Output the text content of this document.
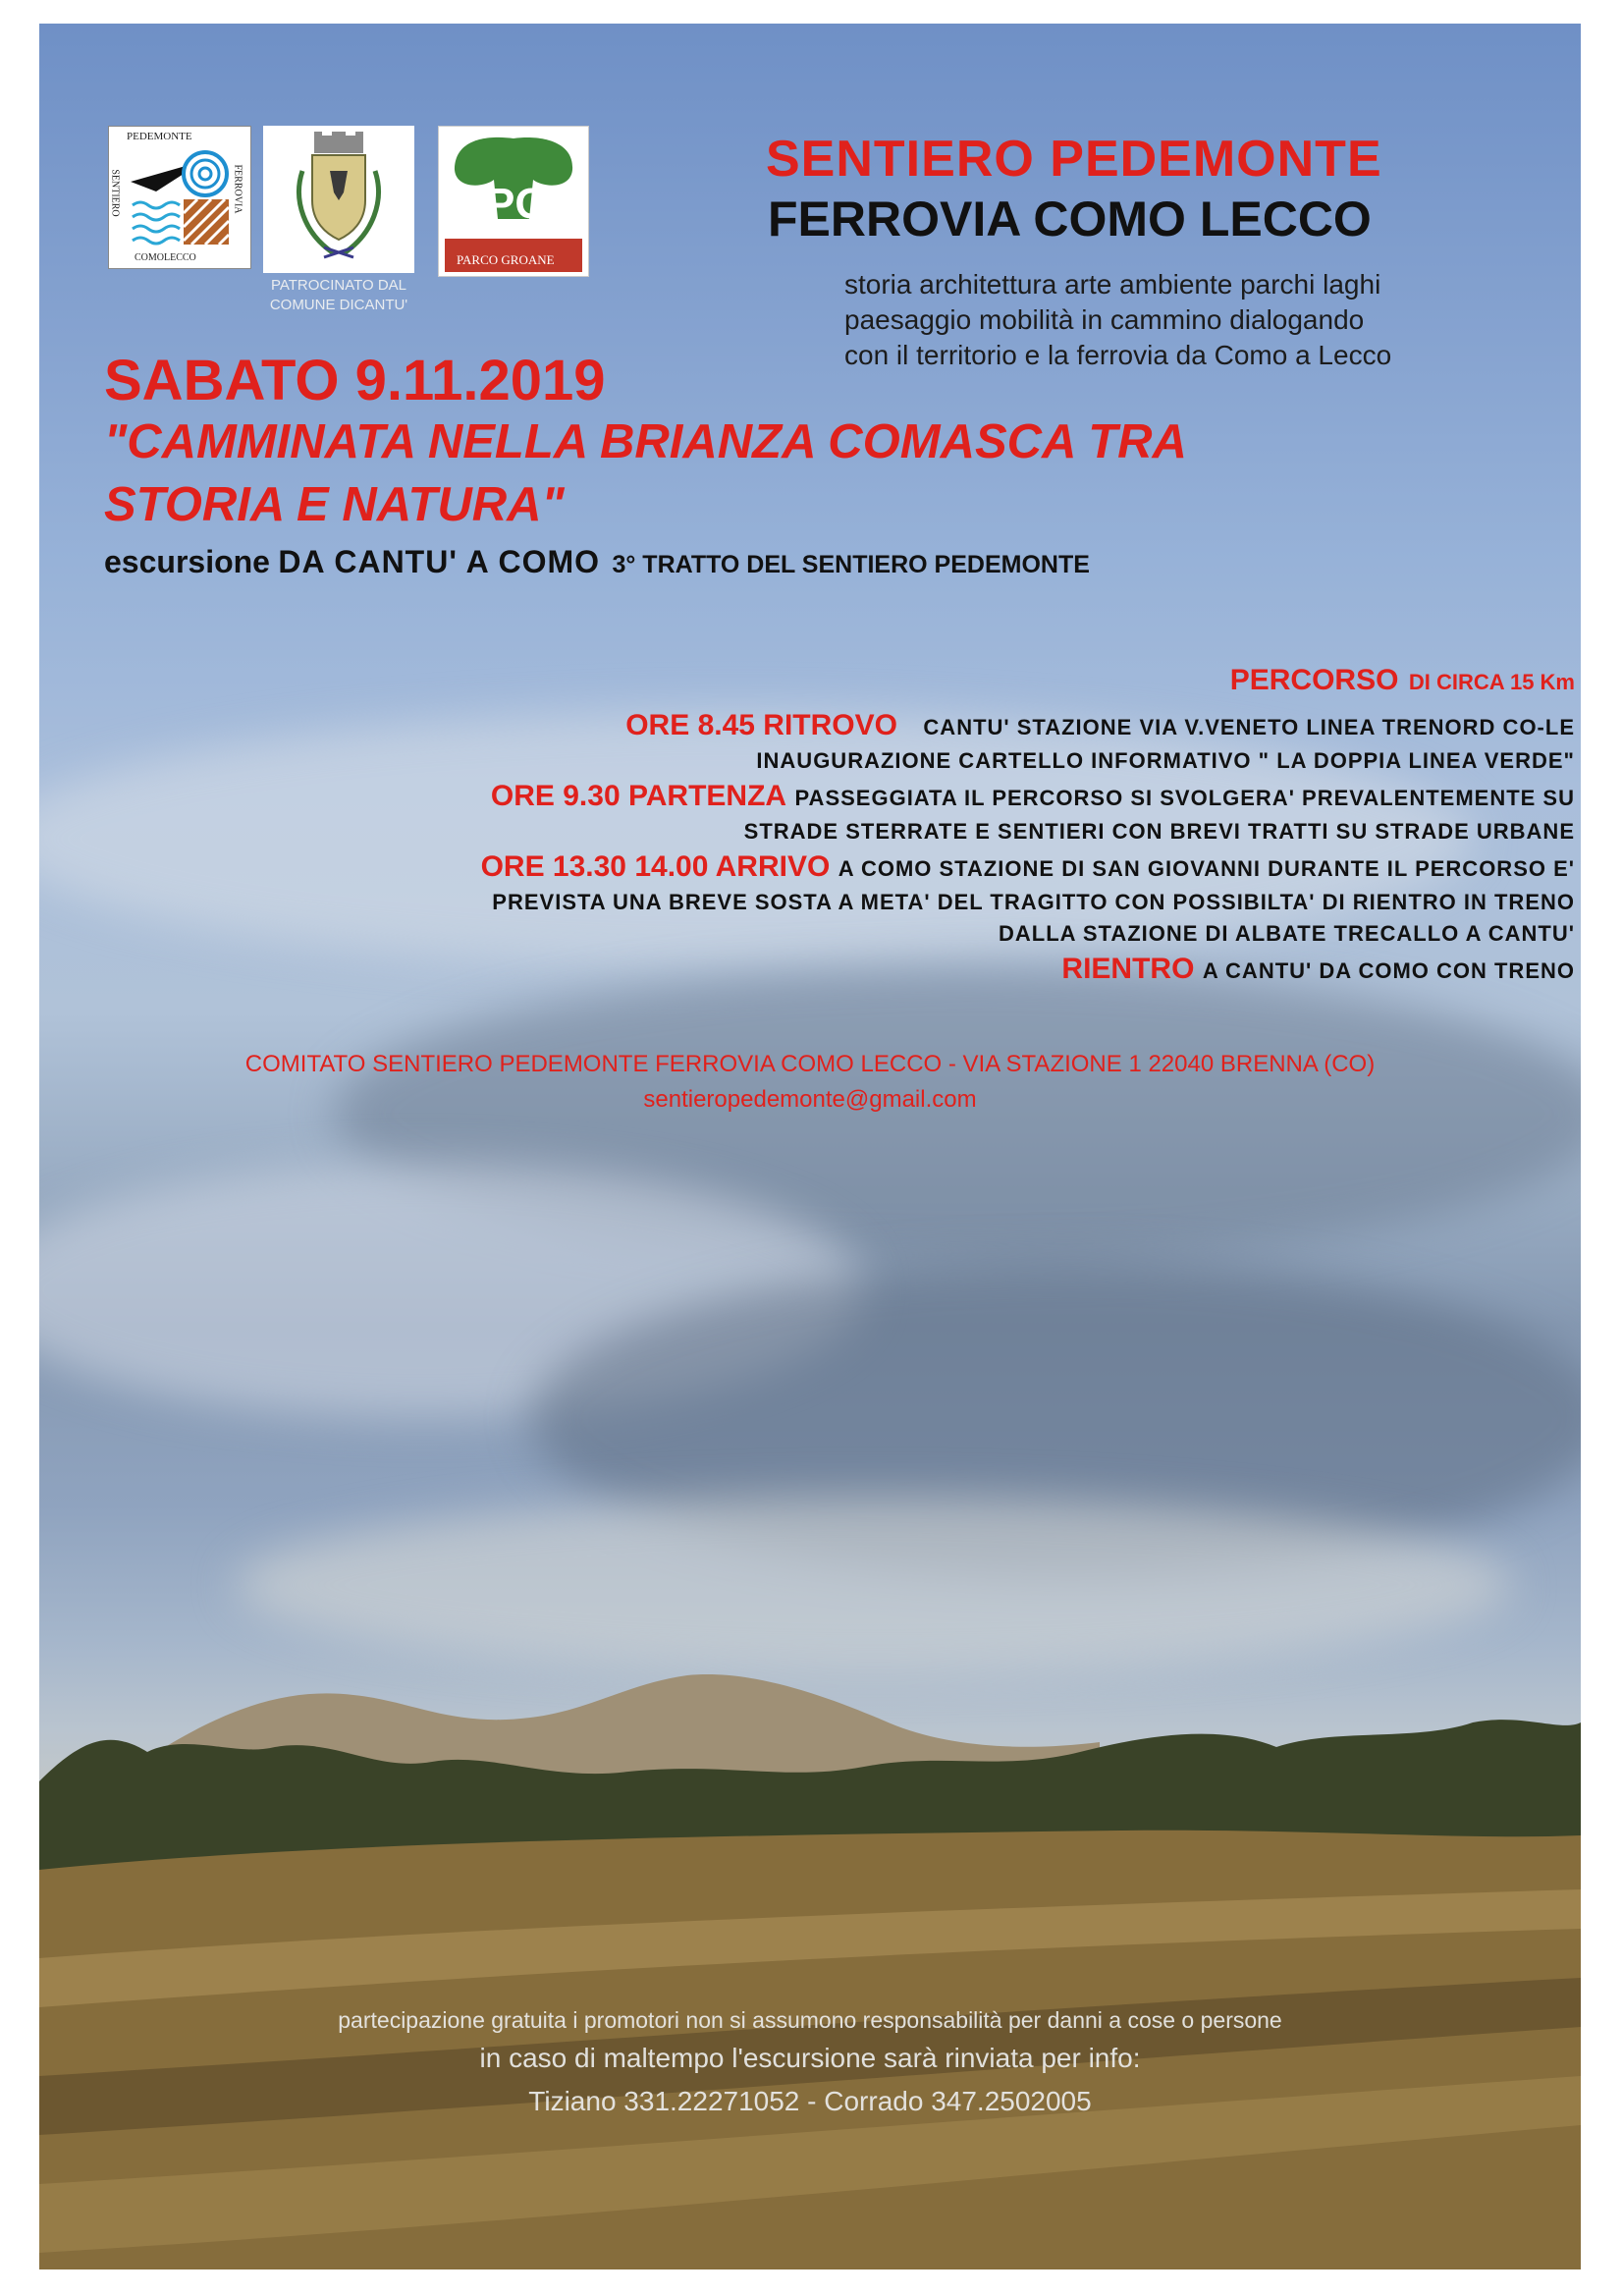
PEDEMONTE
SENTIERO	FERROVIA
COMOLECCO
PATROCINATO DAL
COMUNE DICANTU'
PG
PARCO GROANE
SENTIERO PEDEMONTE
FERROVIA COMO LECCO

storia architettura arte ambiente parchi laghi

paesaggio mobilità in cammino dialogando

con il territorio e la ferrovia da Como a Lecco

SABATO 9.11.2019
"CAMMINATA NELLA BRIANZA COMASCA TRA
STORIA E NATURA"

escursione DA CANTU' A COMO 3° TRATTO DEL SENTIERO PEDEMONTE

PERCORSO DI CIRCA 15 Km

ORE 8.45 RITROVO CANTU' STAZIONE VIA V.VENETO LINEA TRENORD CO-LE

INAUGURAZIONE CARTELLO INFORMATIVO " LA DOPPIA LINEA VERDE"

ORE 9.30 PARTENZA PASSEGGIATA IL PERCORSO SI SVOLGERA' PREVALENTEMENTE SU

STRADE STERRATE E SENTIERI CON BREVI TRATTI SU STRADE URBANE

ORE 13.30 14.00 ARRIVO A COMO STAZIONE DI SAN GIOVANNI DURANTE IL PERCORSO E'

PREVISTA UNA BREVE SOSTA A META' DEL TRAGITTO CON POSSIBILTA' DI RIENTRO IN TRENO

DALLA STAZIONE DI ALBATE TRECALLO A CANTU'

RIENTRO A CANTU' DA COMO CON TRENO

COMITATO SENTIERO PEDEMONTE FERROVIA COMO LECCO - VIA STAZIONE 1 22040 BRENNA (CO)

sentieropedemonte@gmail.com

partecipazione gratuita i promotori non si assumono responsabilità per danni a cose o persone

in caso di maltempo l'escursione sarà rinviata per info:

Tiziano 331.22271052 - Corrado 347.2502005
